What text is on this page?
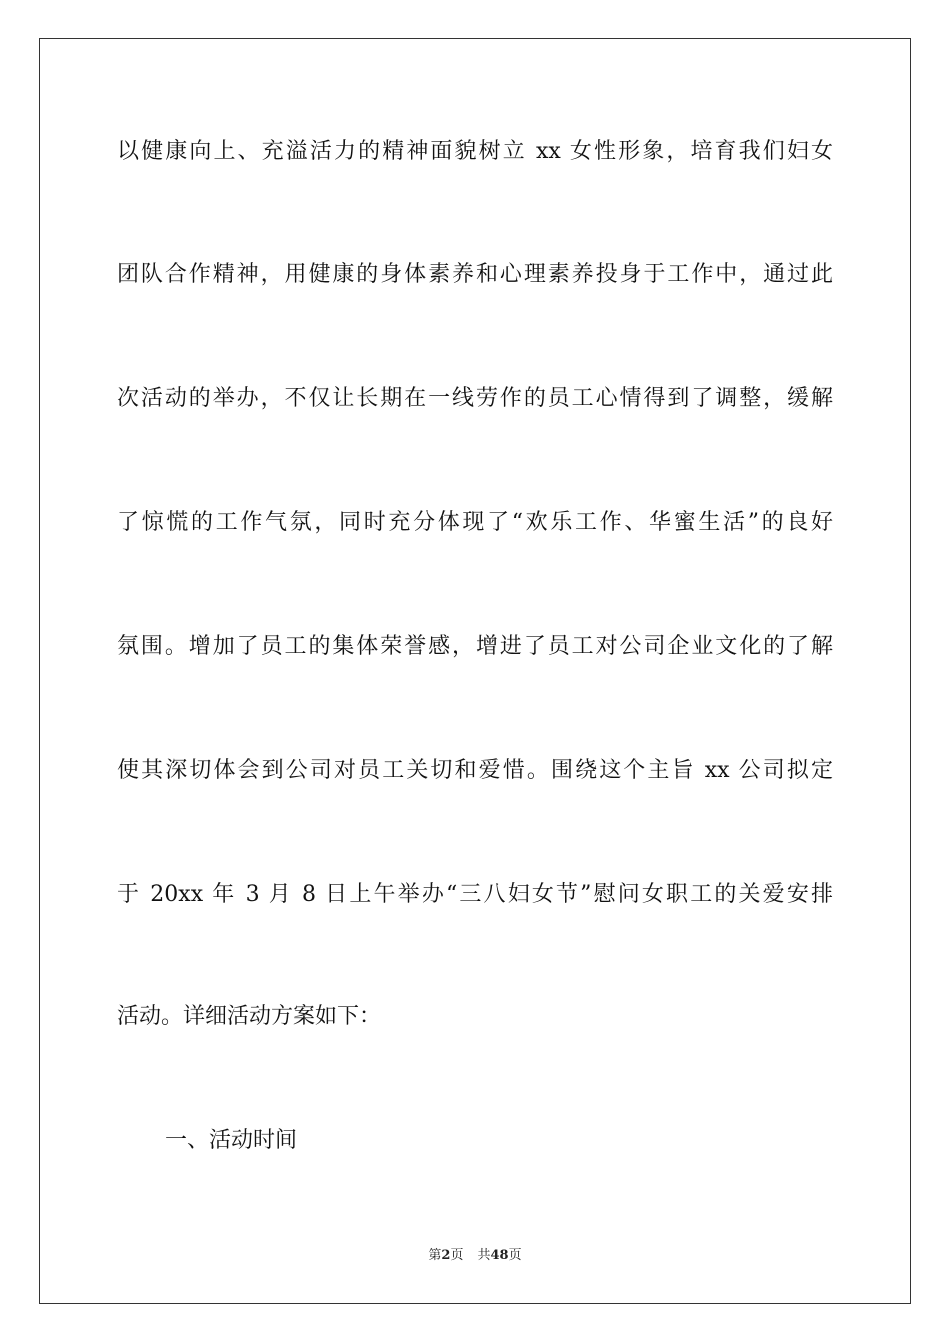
以健康向上、充溢活力的精神面貌树立 xx 女性形象，培育我们妇女
团队合作精神，用健康的身体素养和心理素养投身于工作中，通过此
次活动的举办，不仅让长期在一线劳作的员工心情得到了调整，缓解
了惊慌的工作气氛，同时充分体现了“欢乐工作、华蜜生活”的良好
氛围。增加了员工的集体荣誉感，增进了员工对公司企业文化的了解
使其深切体会到公司对员工关切和爱惜。围绕这个主旨 xx 公司拟定
于 20xx 年 3 月 8 日上午举办“三八妇女节”慰问女职工的关爱安排
活动。详细活动方案如下：
一、活动时间
第2页 共48页
